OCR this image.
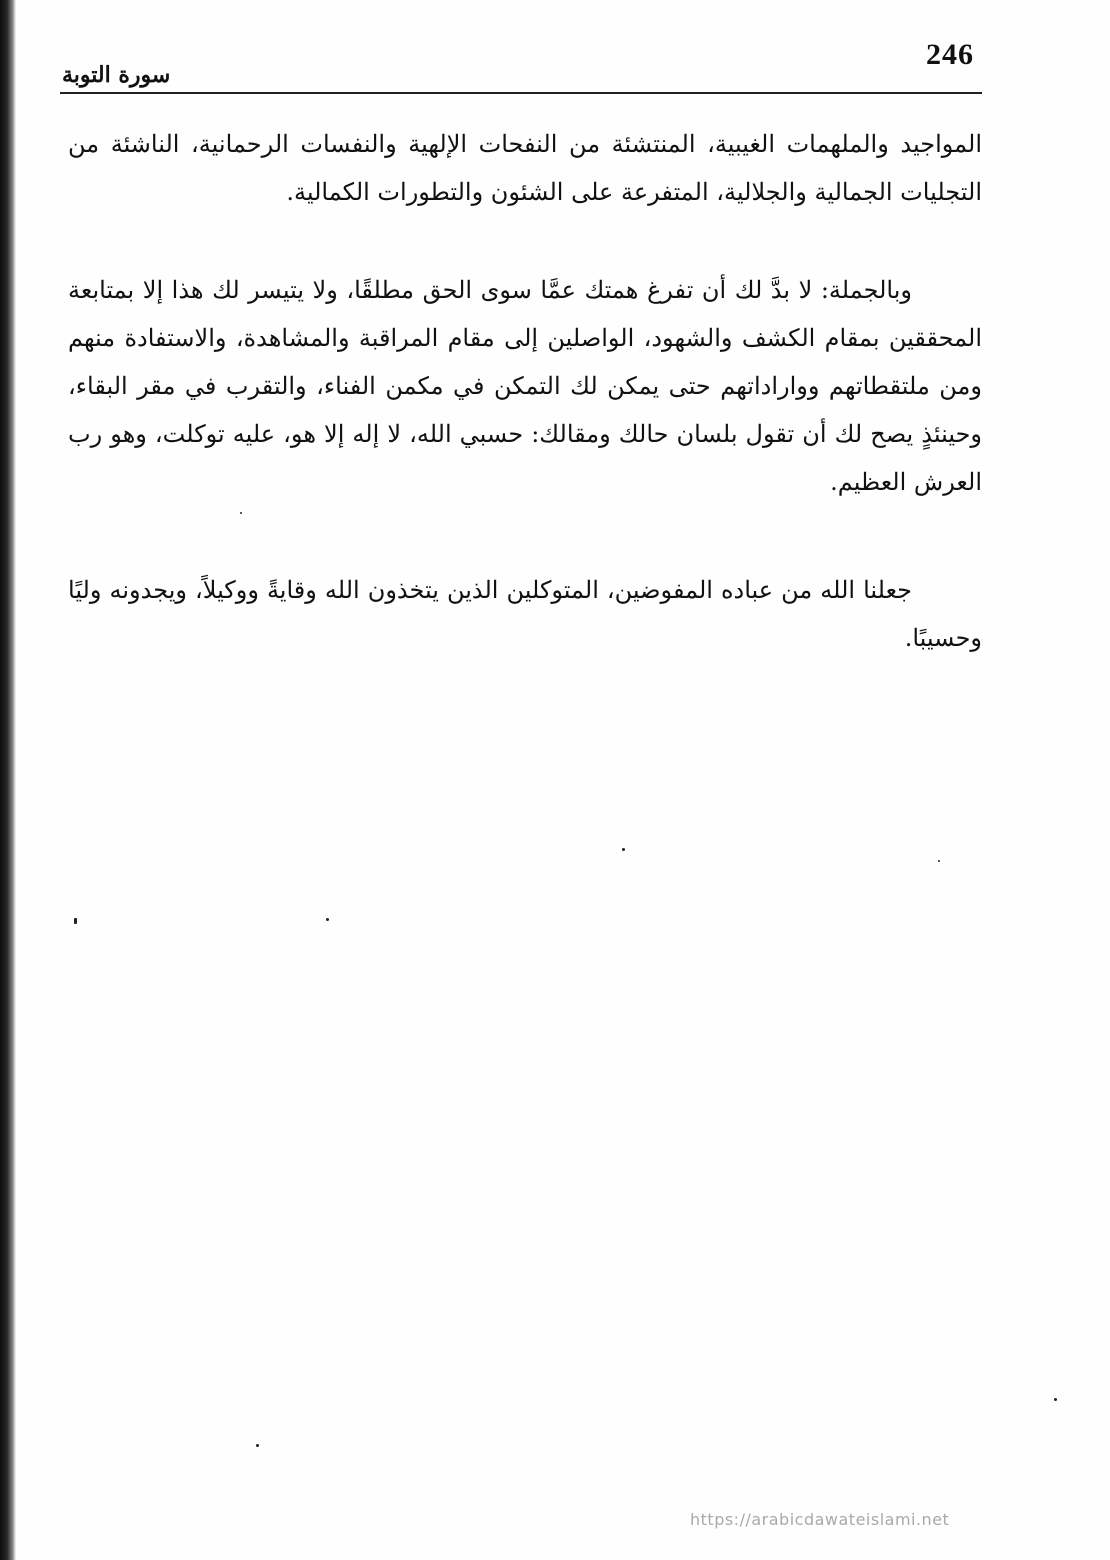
246
سورة التوبة

المواجيد والملهمات الغيبية، المنتشئة من النفحات الإلهية والنفسات الرحمانية، الناشئة من التجليات الجمالية والجلالية، المتفرعة على الشئون والتطورات الكمالية.

وبالجملة: لا بدَّ لك أن تفرغ همتك عمَّا سوى الحق مطلقًا، ولا يتيسر لك هذا إلا بمتابعة المحققين بمقام الكشف والشهود، الواصلين إلى مقام المراقبة والمشاهدة، والاستفادة منهم ومن ملتقطاتهم وواراداتهم حتى يمكن لك التمكن في مكمن الفناء، والتقرب في مقر البقاء، وحينئذٍ يصح لك أن تقول بلسان حالك ومقالك: حسبي الله، لا إله إلا هو، عليه توكلت، وهو رب العرش العظيم.

جعلنا الله من عباده المفوضين، المتوكلين الذين يتخذون الله وقايةً ووكيلاً، ويجدونه وليًا وحسيبًا.

https://arabicdawateislami.net
